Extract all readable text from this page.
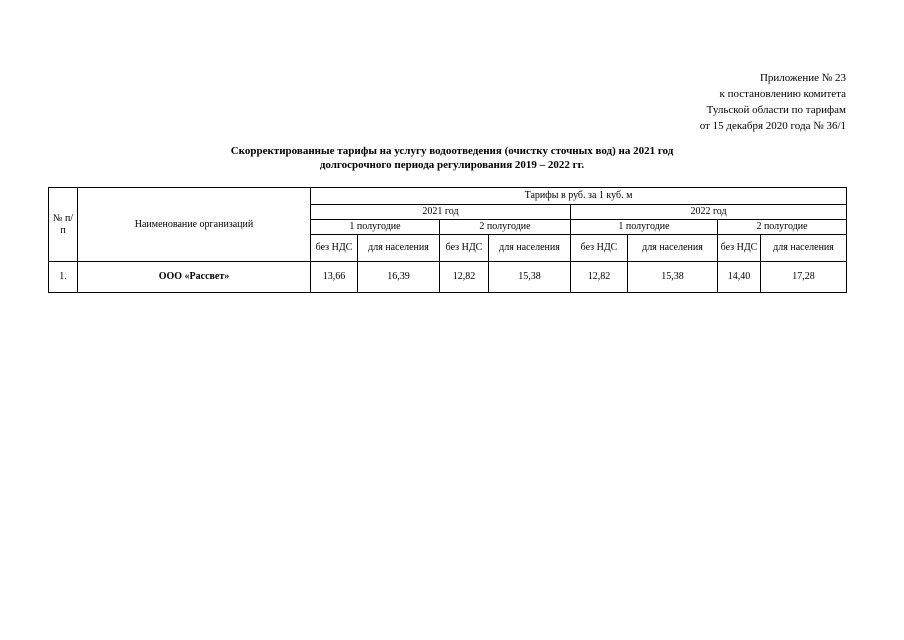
Приложение № 23
к постановлению комитета
Тульской области по тарифам
от 15 декабря 2020 года № 36/1
Скорректированные тарифы на услугу водоотведения (очистку сточных вод) на 2021 год
долгосрочного периода регулирования 2019 – 2022 гг.
№ п/п	Наименование организаций	Тарифы в руб. за 1 куб. м							
		2021 год				2022 год			
		1 полугодие		2 полугодие		1 полугодие		2 полугодие	
		без НДС	для населения	без НДС	для населения	без НДС	для населения	без НДС	для населения
1.	ООО «Рассвет»	13,66	16,39	12,82	15,38	12,82	15,38	14,40	17,28
